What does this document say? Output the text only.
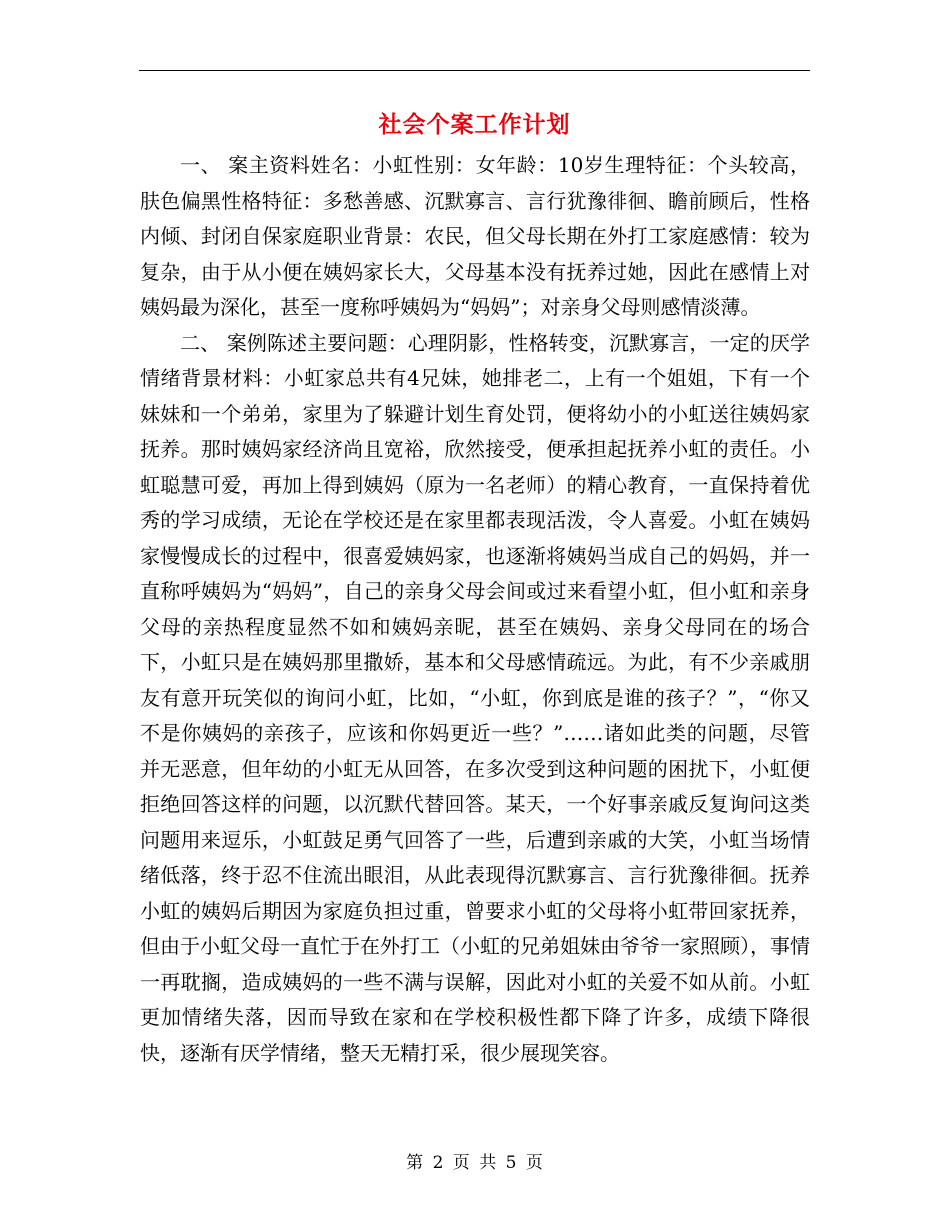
社会个案工作计划

一、 案主资料姓名：小虹性别：女年龄：10岁生理特征：个头较高，肤色偏黑性格特征：多愁善感、沉默寡言、言行犹豫徘徊、瞻前顾后，性格内倾、封闭自保家庭职业背景：农民，但父母长期在外打工家庭感情：较为复杂，由于从小便在姨妈家长大，父母基本没有抚养过她，因此在感情上对姨妈最为深化，甚至一度称呼姨妈为“妈妈”；对亲身父母则感情淡薄。

二、 案例陈述主要问题：心理阴影，性格转变，沉默寡言，一定的厌学情绪背景材料：小虹家总共有4兄妹，她排老二，上有一个姐姐，下有一个妹妹和一个弟弟，家里为了躲避计划生育处罚，便将幼小的小虹送往姨妈家抚养。那时姨妈家经济尚且宽裕，欣然接受，便承担起抚养小虹的责任。小虹聪慧可爱，再加上得到姨妈（原为一名老师）的精心教育，一直保持着优秀的学习成绩，无论在学校还是在家里都表现活泼，令人喜爱。小虹在姨妈家慢慢成长的过程中，很喜爱姨妈家，也逐渐将姨妈当成自己的妈妈，并一直称呼姨妈为“妈妈”，自己的亲身父母会间或过来看望小虹，但小虹和亲身父母的亲热程度显然不如和姨妈亲昵，甚至在姨妈、亲身父母同在的场合下，小虹只是在姨妈那里撒娇，基本和父母感情疏远。为此，有不少亲戚朋友有意开玩笑似的询问小虹，比如，“小虹，你到底是谁的孩子？”，“你又不是你姨妈的亲孩子，应该和你妈更近一些？”……诸如此类的问题，尽管并无恶意，但年幼的小虹无从回答，在多次受到这种问题的困扰下，小虹便拒绝回答这样的问题，以沉默代替回答。某天，一个好事亲戚反复询问这类问题用来逗乐，小虹鼓足勇气回答了一些，后遭到亲戚的大笑，小虹当场情绪低落，终于忍不住流出眼泪，从此表现得沉默寡言、言行犹豫徘徊。抚养小虹的姨妈后期因为家庭负担过重，曾要求小虹的父母将小虹带回家抚养，但由于小虹父母一直忙于在外打工（小虹的兄弟姐妹由爷爷一家照顾），事情一再耽搁，造成姨妈的一些不满与误解，因此对小虹的关爱不如从前。小虹更加情绪失落，因而导致在家和在学校积极性都下降了许多，成绩下降很快，逐渐有厌学情绪，整天无精打采，很少展现笑容。

第 2 页 共 5 页
